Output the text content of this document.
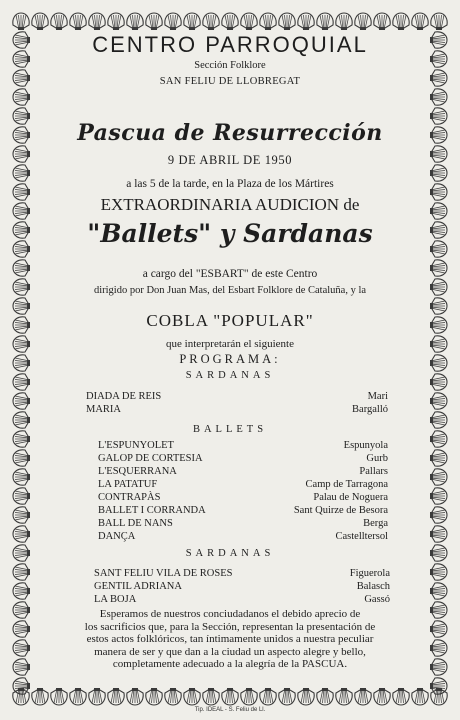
CENTRO PARROQUIAL
Sección Folklore
SAN FELIU DE LLOBREGAT
Pascua de Resurrección
9 DE ABRIL DE 1950
a las 5 de la tarde, en la Plaza de los Mártires
EXTRAORDINARIA AUDICION de
"Ballets" y Sardanas
a cargo del "ESBART" de este Centro
dirigido por Don Juan Mas, del Esbart Folklore de Cataluña, y la
COBLA "POPULAR"
que interpretarán el siguiente
PROGRAMA:
SARDANAS
DIADA DE REIS	Mari
MARIA	Bargalló
BALLETS
L'ESPUNYOLET	Espunyola
GALOP DE CORTESIA	Gurb
L'ESQUERRANA	Pallars
LA PATATUF	Camp de Tarragona
CONTRAPÀS	Palau de Noguera
BALLET I CORRANDA	Sant Quirze de Besora
BALL DE NANS	Berga
DANÇA	Castelltersol
SARDANAS
SANT FELIU VILA DE ROSES	Figuerola
GENTIL ADRIANA	Balasch
LA BOJA	Gassó
Esperamos de nuestros conciudadanos el debido aprecio de
los sacrificios que, para la Sección, representan la presentación de
estos actos folklóricos, tan íntimamente unidos a nuestra peculiar
manera de ser y que dan a la ciudad un aspecto alegre y bello,
completamente adecuado a la alegría de la PASCUA.
Tip. IDEAL - S. Feliu de Ll.
